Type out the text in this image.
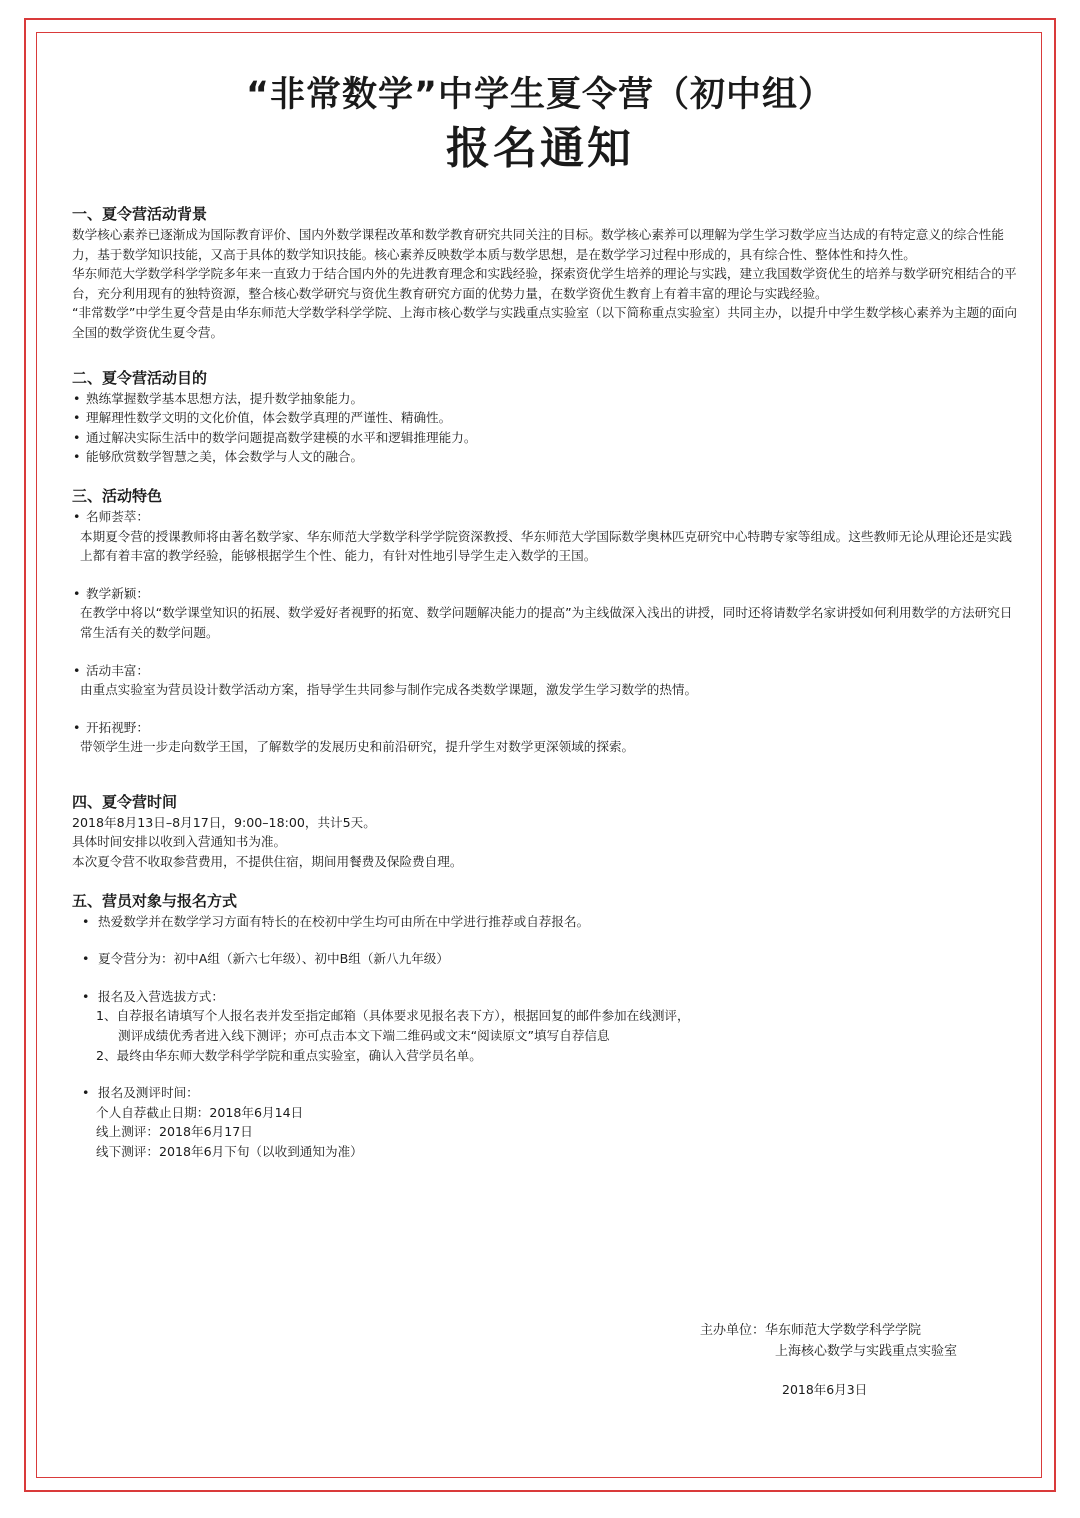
“非常数学”中学生夏令营（初中组）
报名通知
一、夏令营活动背景

数学核心素养已逐渐成为国际教育评价、国内外数学课程改革和数学教育研究共同关注的目标。数学核心素养可以理解为学生学习数学应当达成的有特定意义的综合性能力，基于数学知识技能，又高于具体的数学知识技能。核心素养反映数学本质与数学思想，是在数学学习过程中形成的，具有综合性、整体性和持久性。

华东师范大学数学科学学院多年来一直致力于结合国内外的先进教育理念和实践经验，探索资优学生培养的理论与实践，建立我国数学资优生的培养与数学研究相结合的平台，充分利用现有的独特资源，整合核心数学研究与资优生教育研究方面的优势力量，在数学资优生教育上有着丰富的理论与实践经验。

“非常数学”中学生夏令营是由华东师范大学数学科学学院、上海市核心数学与实践重点实验室（以下简称重点实验室）共同主办，以提升中学生数学核心素养为主题的面向全国的数学资优生夏令营。

二、夏令营活动目的
• 熟练掌握数学基本思想方法，提升数学抽象能力。
• 理解理性数学文明的文化价值，体会数学真理的严谨性、精确性。
• 通过解决实际生活中的数学问题提高数学建模的水平和逻辑推理能力。
• 能够欣赏数学智慧之美，体会数学与人文的融合。
三、活动特色
• 名师荟萃：
本期夏令营的授课教师将由著名数学家、华东师范大学数学科学学院资深教授、华东师范大学国际数学奥林匹克研究中心特聘专家等组成。这些教师无论从理论还是实践上都有着丰富的教学经验，能够根据学生个性、能力，有针对性地引导学生走入数学的王国。
• 教学新颖：
在教学中将以“数学课堂知识的拓展、数学爱好者视野的拓宽、数学问题解决能力的提高”为主线做深入浅出的讲授，同时还将请数学名家讲授如何利用数学的方法研究日常生活有关的数学问题。
• 活动丰富：
由重点实验室为营员设计数学活动方案，指导学生共同参与制作完成各类数学课题，激发学生学习数学的热情。
• 开拓视野：
带领学生进一步走向数学王国，了解数学的发展历史和前沿研究，提升学生对数学更深领域的探索。
四、夏令营时间

2018年8月13日–8月17日，9:00–18:00，共计5天。

具体时间安排以收到入营通知书为准。

本次夏令营不收取参营费用，不提供住宿，期间用餐费及保险费自理。

五、营员对象与报名方式
• 热爱数学并在数学学习方面有特长的在校初中学生均可由所在中学进行推荐或自荐报名。
• 夏令营分为：初中A组（新六七年级）、初中B组（新八九年级）
• 报名及入营选拔方式：
1、自荐报名请填写个人报名表并发至指定邮箱（具体要求见报名表下方），根据回复的邮件参加在线测评，
测评成绩优秀者进入线下测评；亦可点击本文下端二维码或文末“阅读原文”填写自荐信息
2、最终由华东师大数学科学学院和重点实验室，确认入营学员名单。
• 报名及测评时间：
个人自荐截止日期：2018年6月14日
线上测评：2018年6月17日
线下测评：2018年6月下旬（以收到通知为准）
主办单位：华东师范大学数学科学学院
上海核心数学与实践重点实验室
2018年6月3日
